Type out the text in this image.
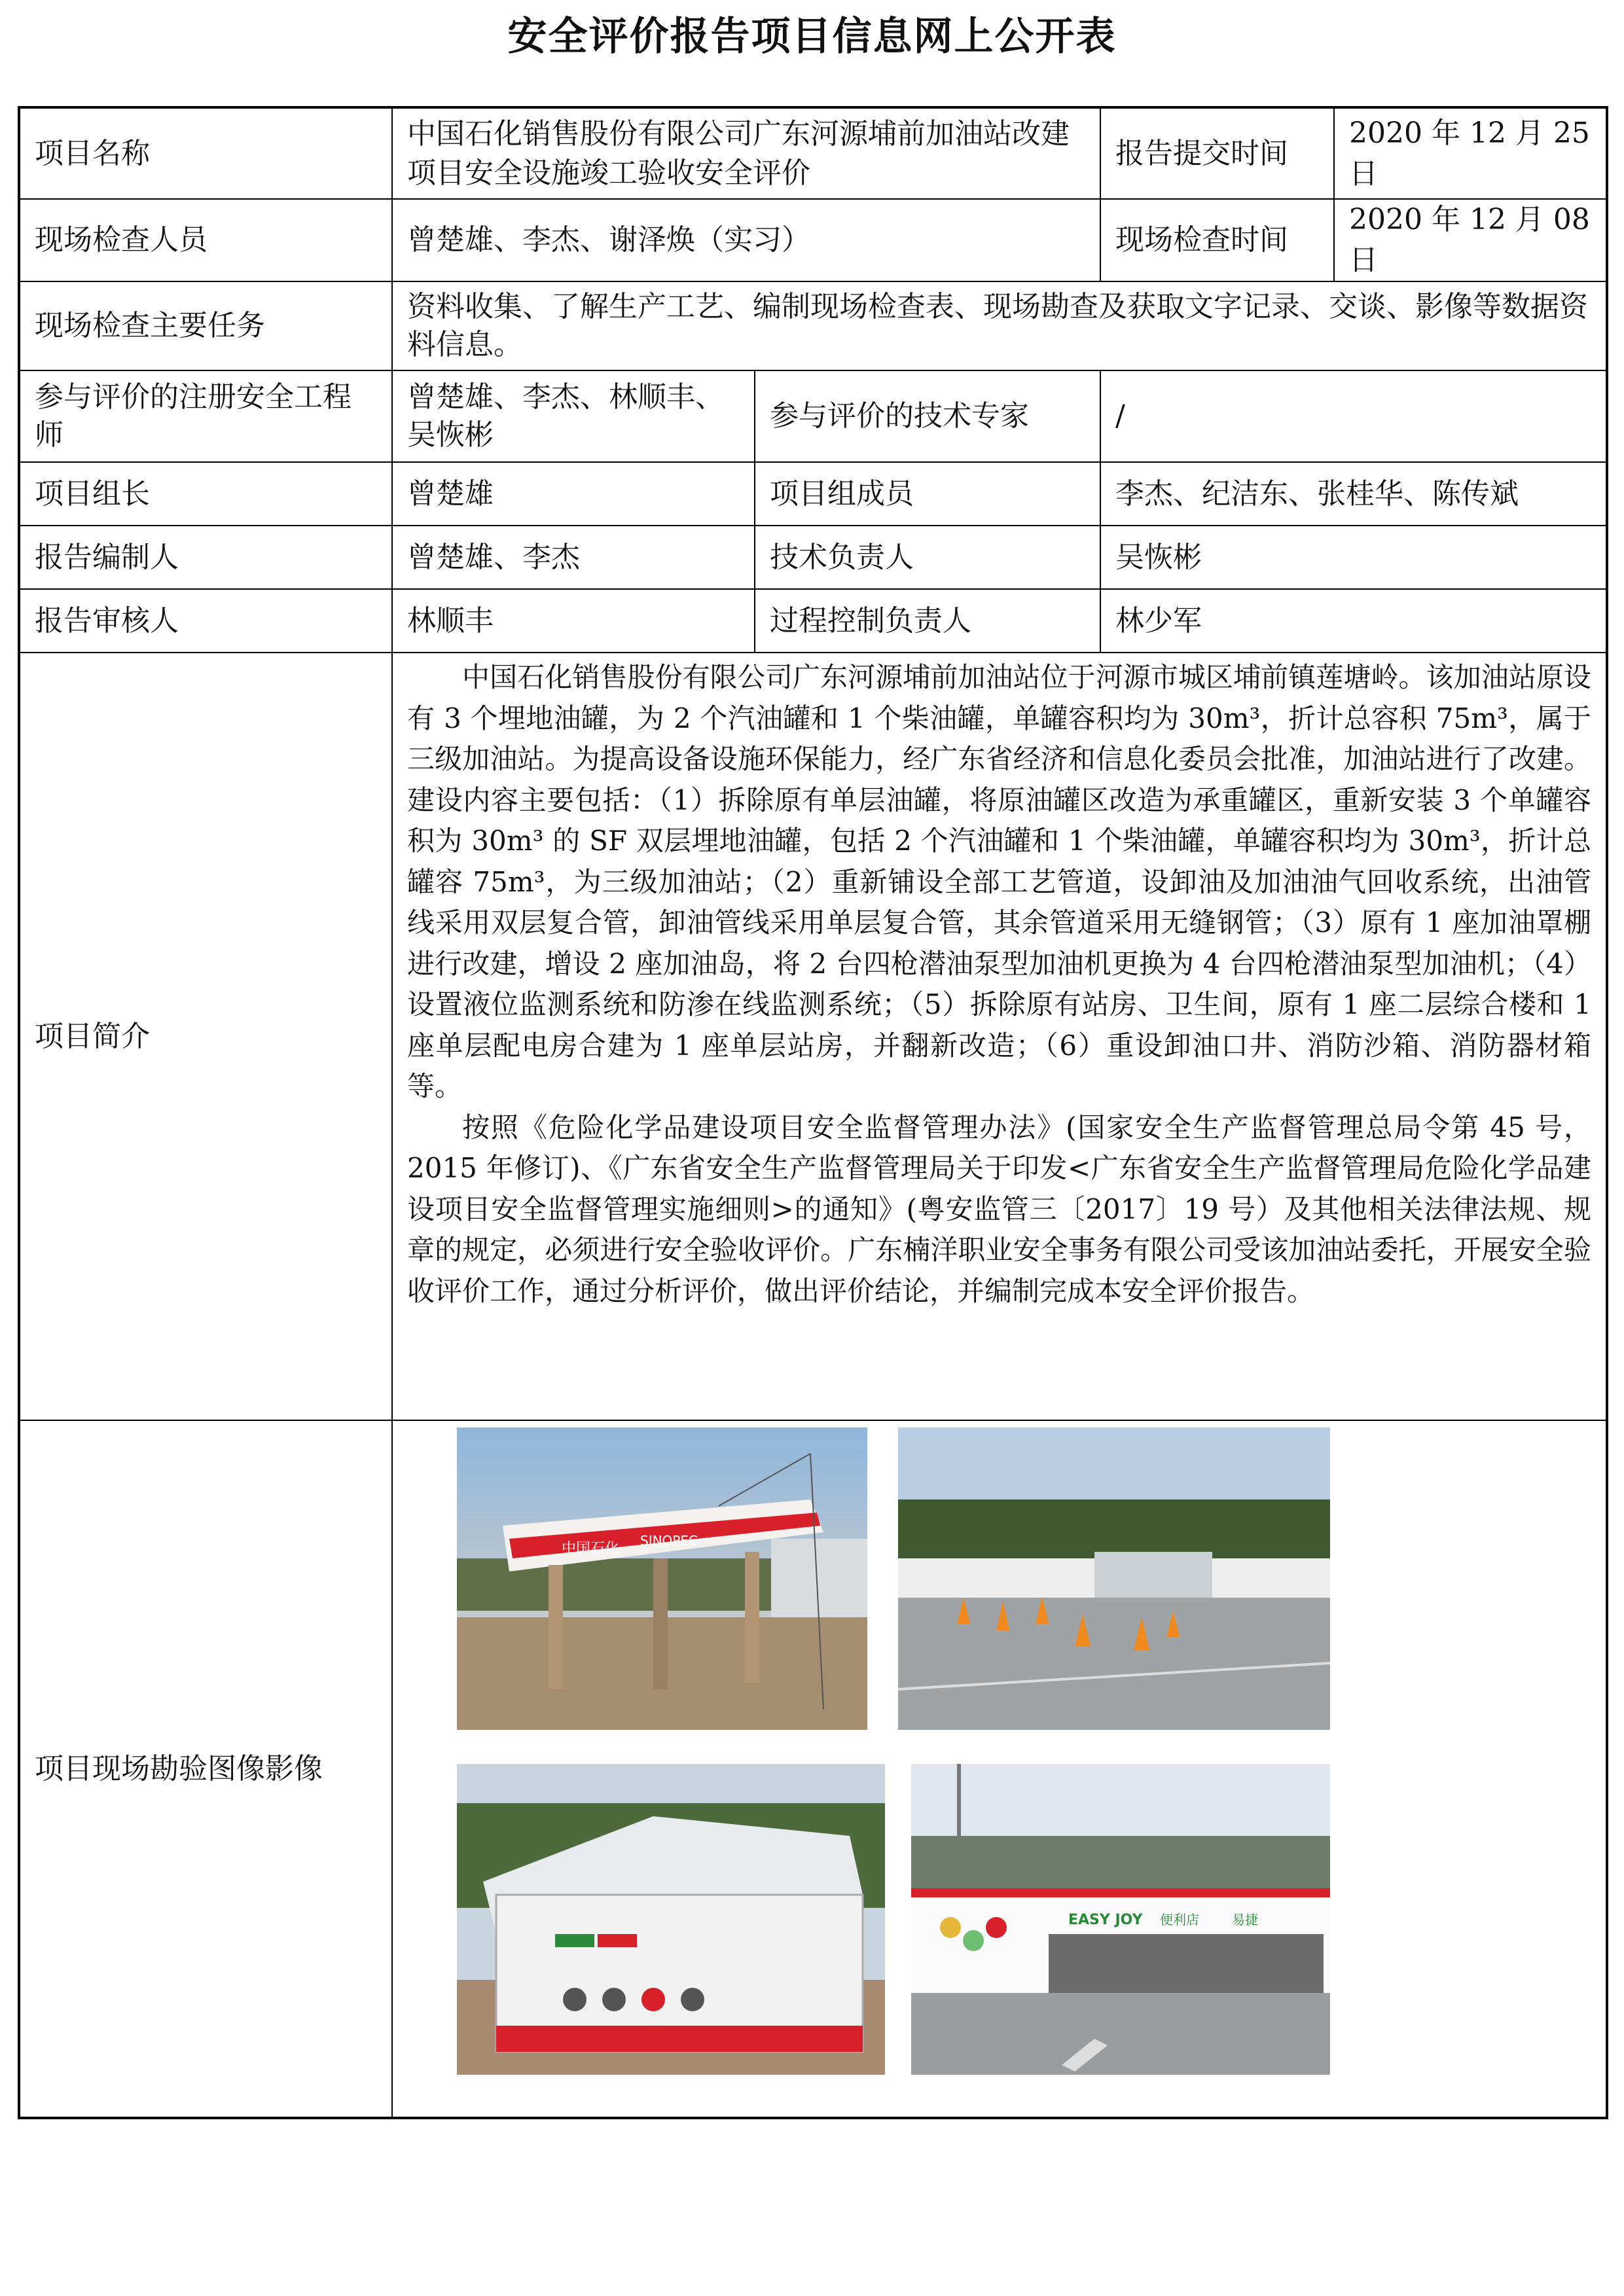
安全评价报告项目信息网上公开表
项目名称	中国石化销售股份有限公司广东河源埔前加油站改建项目安全设施竣工验收安全评价		报告提交时间	2020 年 12 月 25 日
现场检查人员	曾楚雄、李杰、谢泽焕（实习）		现场检查时间	2020 年 12 月 08 日
现场检查主要任务	资料收集、了解生产工艺、编制现场检查表、现场勘查及获取文字记录、交谈、影像等数据资料信息。			
参与评价的注册安全工程师	曾楚雄、李杰、林顺丰、吴恢彬	参与评价的技术专家	/	
项目组长	曾楚雄	项目组成员	李杰、纪洁东、张桂华、陈传斌	
报告编制人	曾楚雄、李杰	技术负责人	吴恢彬	
报告审核人	林顺丰	过程控制负责人	林少军	
项目简介	中国石化销售股份有限公司广东河源埔前加油站位于河源市城区埔前镇莲塘岭。该加油站原设有 3 个埋地油罐，为 2 个汽油罐和 1 个柴油罐，单罐容积均为 30m³，折计总容积 75m³，属于三级加油站。为提高设备设施环保能力，经广东省经济和信息化委员会批准，加油站进行了改建。建设内容主要包括：（1）拆除原有单层油罐，将原油罐区改造为承重罐区，重新安装 3 个单罐容积为 30m³ 的 SF 双层埋地油罐，包括 2 个汽油罐和 1 个柴油罐，单罐容积均为 30m³，折计总罐容 75m³，为三级加油站；（2）重新铺设全部工艺管道，设卸油及加油油气回收系统，出油管线采用双层复合管，卸油管线采用单层复合管，其余管道采用无缝钢管；（3）原有 1 座加油罩棚进行改建，增设 2 座加油岛，将 2 台四枪潜油泵型加油机更换为 4 台四枪潜油泵型加油机；（4）设置液位监测系统和防渗在线监测系统；（5）拆除原有站房、卫生间，原有 1 座二层综合楼和 1 座单层配电房合建为 1 座单层站房，并翻新改造；（6）重设卸油口井、消防沙箱、消防器材箱等。

按照《危险化学品建设项目安全监督管理办法》(国家安全生产监督管理总局令第 45 号，2015 年修订)、《广东省安全生产监督管理局关于印发<广东省安全生产监督管理局危险化学品建设项目安全监督管理实施细则>的通知》(粤安监管三〔2017〕19 号）及其他相关法律法规、规章的规定，必须进行安全验收评价。广东楠洋职业安全事务有限公司受该加油站委托，开展安全验收评价工作，通过分析评价，做出评价结论，并编制完成本安全评价报告。			

项目现场勘验图像影像	中国石化 SINOPEC
EASY JOY 便利店 易捷			
